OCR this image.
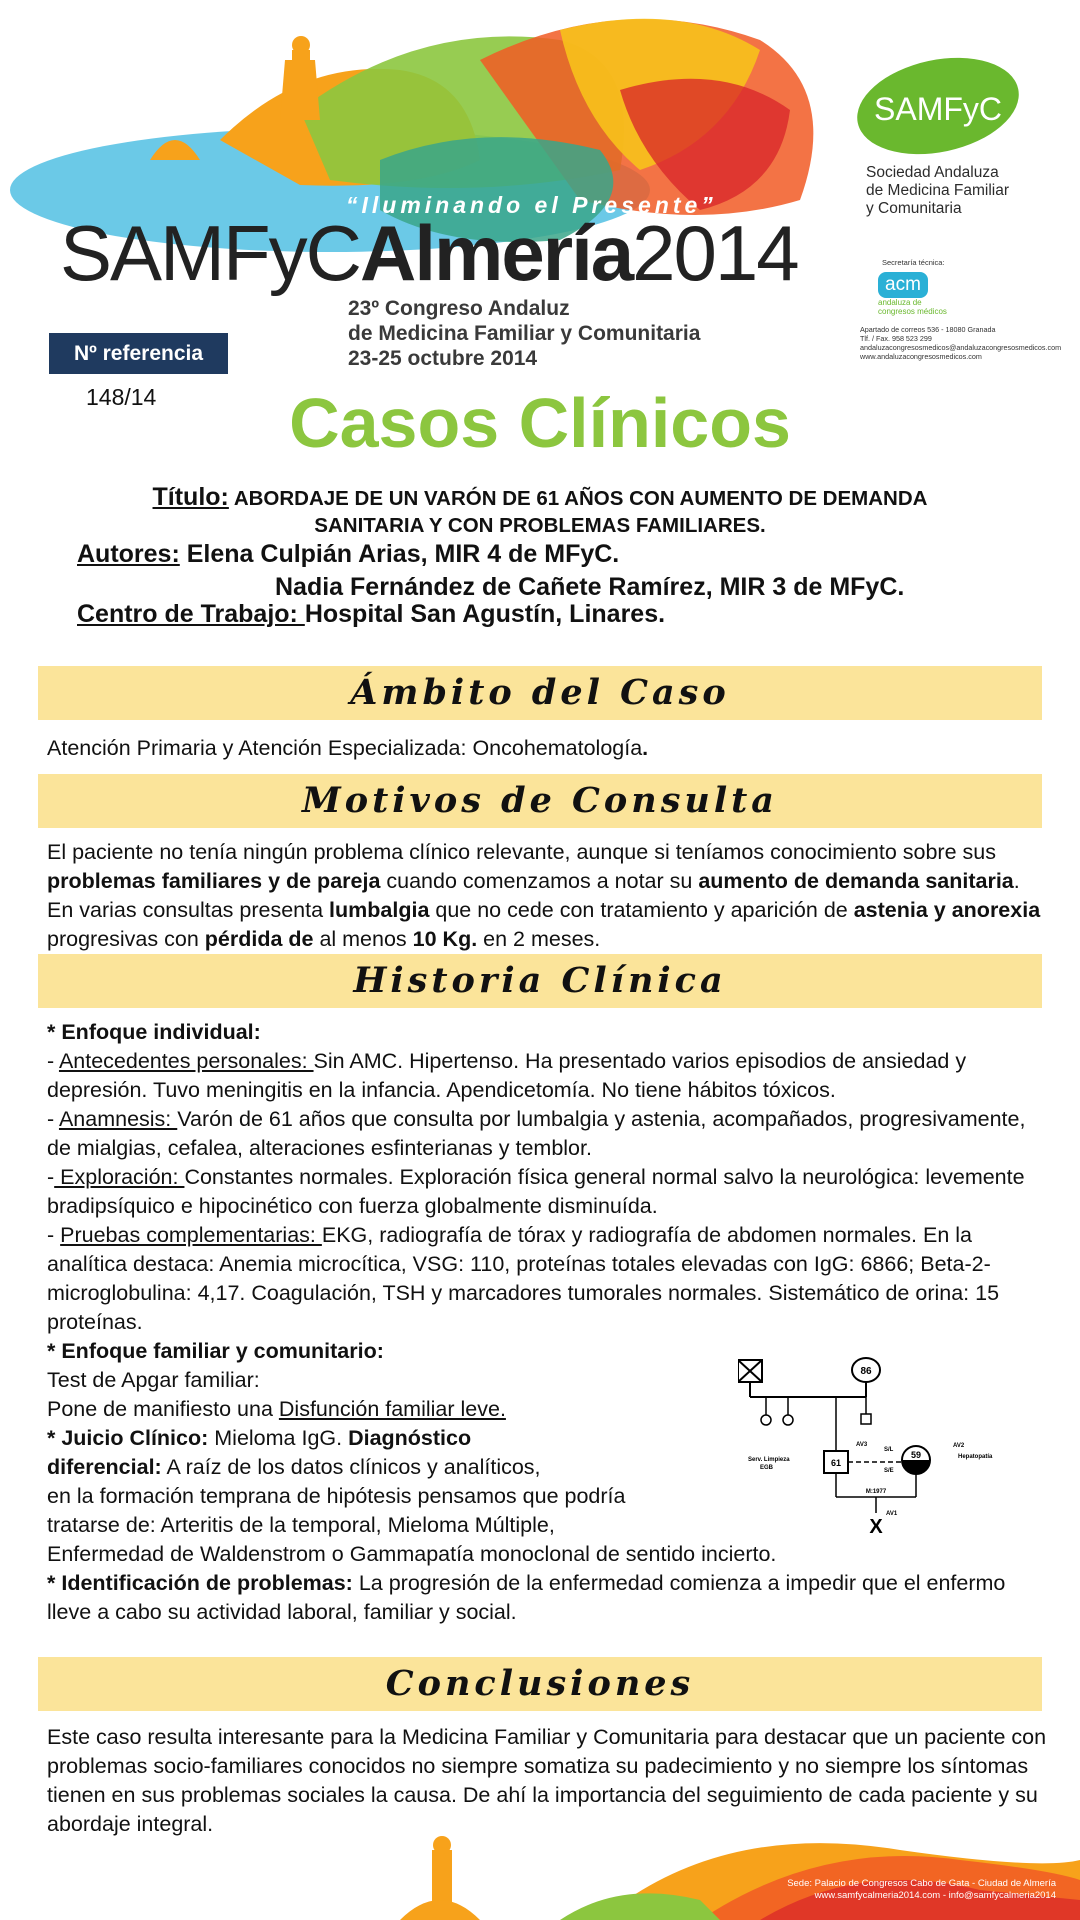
SAMFyC
Sociedad Andaluza
de Medicina Familiar
y Comunitaria
Secretaría técnica:
acm
andaluza de
congresos médicos
Apartado de correos 536 - 18080 Granada
Tlf. / Fax. 958 523 299
andaluzacongresosmedicos@andaluzacongresosmedicos.com
www.andaluzacongresosmedicos.com
“Iluminando el Presente”
SAMFyCAlmería2014
23º Congreso Andaluz
de Medicina Familiar y Comunitaria
23-25 octubre 2014
Nº referencia
148/14	Casos Clínicos
Título: ABORDAJE DE UN VARÓN DE 61 AÑOS CON AUMENTO DE DEMANDA
SANITARIA Y CON PROBLEMAS FAMILIARES.
Autores: Elena Culpián Arias, MIR 4 de MFyC.
Nadia Fernández de Cañete Ramírez, MIR 3 de MFyC.
Centro de Trabajo: Hospital San Agustín, Linares.
Ámbito del Caso
Atención Primaria y Atención Especializada: Oncohematología.
Motivos de Consulta
El paciente no tenía ningún problema clínico relevante, aunque si teníamos conocimiento sobre sus problemas familiares y de pareja cuando comenzamos a notar su aumento de demanda sanitaria. En varias consultas presenta lumbalgia que no cede con tratamiento y aparición de astenia y anorexia progresivas con pérdida de al menos 10 Kg. en 2 meses.
Historia Clínica

* Enfoque individual:

- Antecedentes personales: Sin AMC. Hipertenso. Ha presentado varios episodios de ansiedad y depresión. Tuvo meningitis en la infancia. Apendicetomía. No tiene hábitos tóxicos.

- Anamnesis: Varón de 61 años que consulta por lumbalgia y astenia, acompañados, progresivamente, de mialgias, cefalea, alteraciones esfinterianas y temblor.

- Exploración: Constantes normales. Exploración física general normal salvo la neurológica: levemente bradipsíquico e hipocinético con fuerza globalmente disminuída.

- Pruebas complementarias: EKG, radiografía de tórax y radiografía de abdomen normales. En la analítica destaca: Anemia microcítica, VSG: 110, proteínas totales elevadas con IgG: 6866; Beta-2-microglobulina: 4,17. Coagulación, TSH y marcadores tumorales normales. Sistemático de orina: 15 proteínas.

* Enfoque familiar y comunitario:

Test de Apgar familiar:

Pone de manifiesto una Disfunción familiar leve.

* Juicio Clínico: Mieloma IgG. Diagnóstico

diferencial: A raíz de los datos clínicos y analíticos,

en la formación temprana de hipótesis pensamos que podría

tratarse de: Arteritis de la temporal, Mieloma Múltiple,

Enfermedad de Waldenstrom o Gammapatía monoclonal de sentido incierto.

* Identificación de problemas: La progresión de la enfermedad comienza a impedir que el enfermo lleve a cabo su actividad laboral, familiar y social.

86
61
Serv. Limpieza
EGB
AV3
59
S/L
S/E
AV2
Hepatopatía
M:1977
AV1
X
Conclusiones
Este caso resulta interesante para la Medicina Familiar y Comunitaria para destacar que un paciente con problemas socio-familiares conocidos no siempre somatiza su padecimiento y no siempre los síntomas tienen en sus problemas sociales la causa. De ahí la importancia del seguimiento de cada paciente y su abordaje integral.
Sede: Palacio de Congresos Cabo de Gata - Ciudad de Almería
www.samfycalmeria2014.com - info@samfycalmeria2014
